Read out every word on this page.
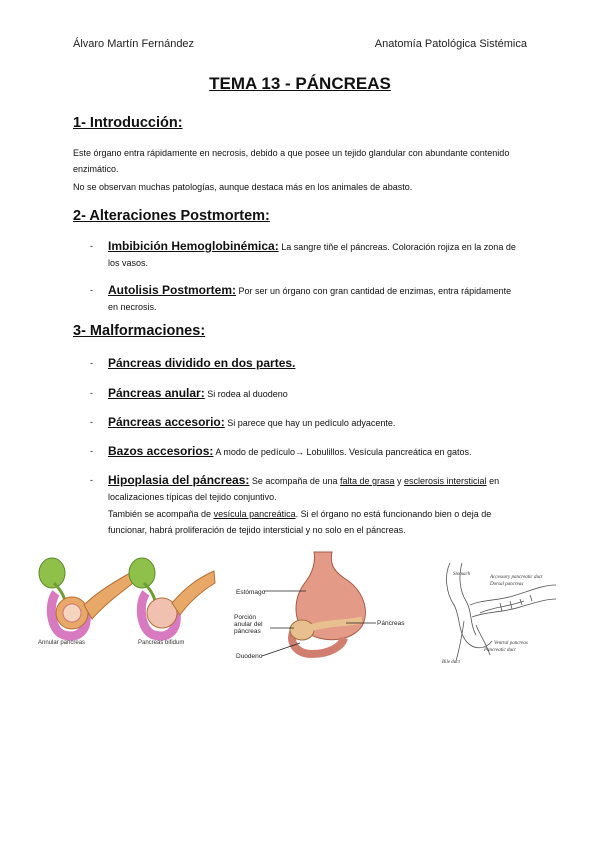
Álvaro Martín Fernández	Anatomía Patológica Sistémica
TEMA 13 - PÁNCREAS
1- Introducción:
Este órgano entra rápidamente en necrosis, debido a que posee un tejido glandular con abundante contenido enzimático.
No se observan muchas patologías, aunque destaca más en los animales de abasto.
2- Alteraciones Postmortem:
- Imbibición Hemoglobinémica: La sangre tiñe el páncreas. Coloración rojiza en la zona de los vasos.
- Autolisis Postmortem: Por ser un órgano con gran cantidad de enzimas, entra rápidamente en necrosis.
3- Malformaciones:
- Páncreas dividido en dos partes.
- Páncreas anular: Si rodea al duodeno
- Páncreas accesorio: Si parece que hay un pedículo adyacente.
- Bazos accesorios: A modo de pedículo→ Lobulillos. Vesícula pancreática en gatos.
- Hipoplasia del páncreas: Se acompaña de una falta de grasa y esclerosis intersticial en localizaciones típicas del tejido conjuntivo.
También se acompaña de vesícula pancreática. Si el órgano no está funcionando bien o deja de funcionar, habrá proliferación de tejido intersticial y no solo en el páncreas.
Annular pancreas	Pancreas bifidum
Estómago
Porción anular del páncreas
Duodeno
Páncreas
Stomach
Accessory pancreatic duct
Dorsal pancreas
Ventral pancreas
Pancreatic duct
Bile duct
